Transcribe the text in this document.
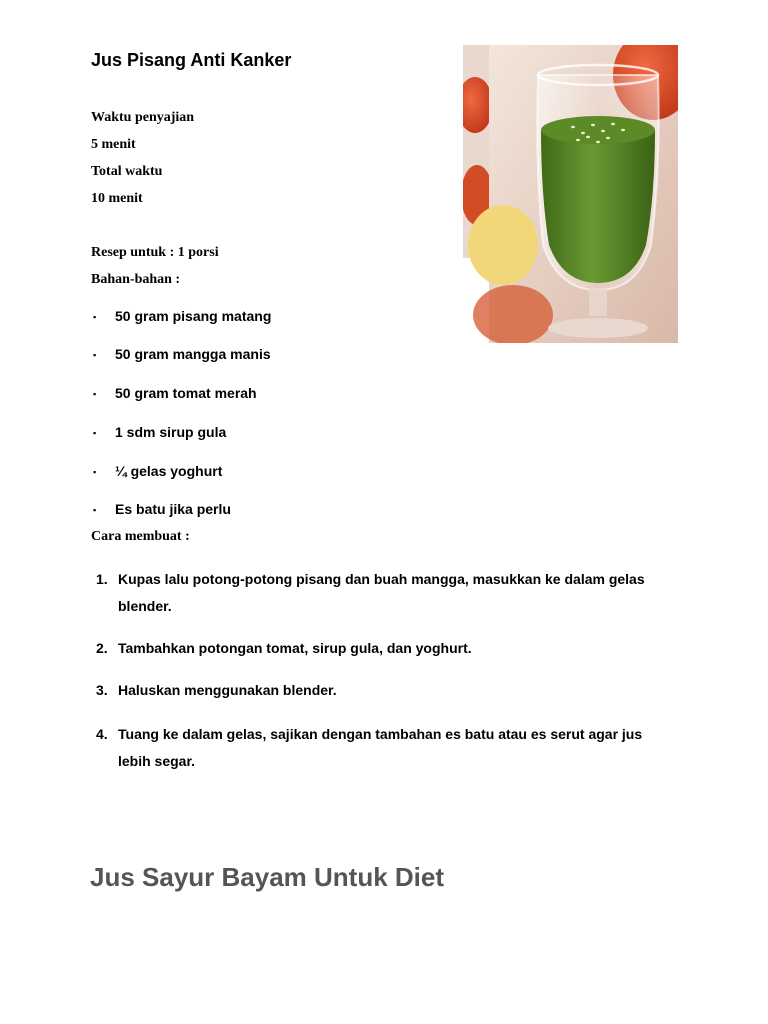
Jus Pisang Anti Kanker

Waktu penyajian

5 menit

Total waktu

10 menit

Resep untuk : 1 porsi

Bahan-bahan :

▪ 50 gram pisang matang

▪ 50 gram mangga manis

▪ 50 gram tomat merah

▪ 1 sdm sirup gula

▪ ¼ gelas yoghurt

▪ Es batu jika perlu

Cara membuat :

1. Kupas lalu potong-potong pisang dan buah mangga, masukkan ke dalam gelas blender.
2. Tambahkan potongan tomat, sirup gula, dan yoghurt.
3. Haluskan menggunakan blender.
4. Tuang ke dalam gelas, sajikan dengan tambahan es batu atau es serut agar jus lebih segar.
Jus Sayur Bayam Untuk Diet
